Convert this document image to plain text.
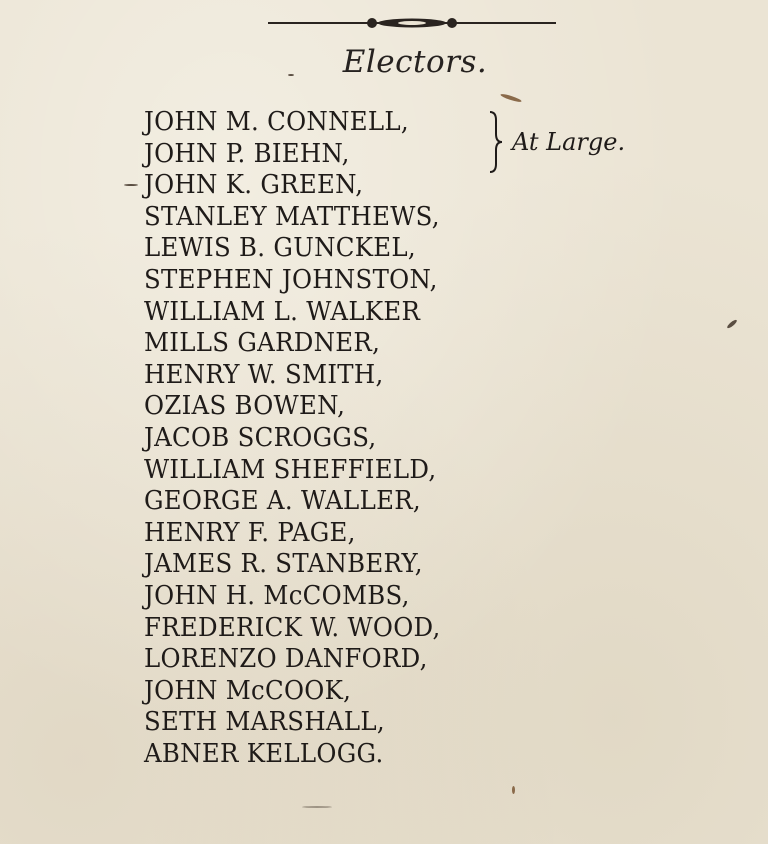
Electors.
JOHN M. CONNELL,
JOHN P. BIEHN,
JOHN K. GREEN,
STANLEY MATTHEWS,
LEWIS B. GUNCKEL,
STEPHEN JOHNSTON,
WILLIAM L. WALKER
MILLS GARDNER,
HENRY W. SMITH,
OZIAS BOWEN,
JACOB SCROGGS,
WILLIAM SHEFFIELD,
GEORGE A. WALLER,
HENRY F. PAGE,
JAMES R. STANBERY,
JOHN H. McCOMBS,
FREDERICK W. WOOD,
LORENZO DANFORD,
JOHN McCOOK,
SETH MARSHALL,
ABNER KELLOGG.
At Large.
